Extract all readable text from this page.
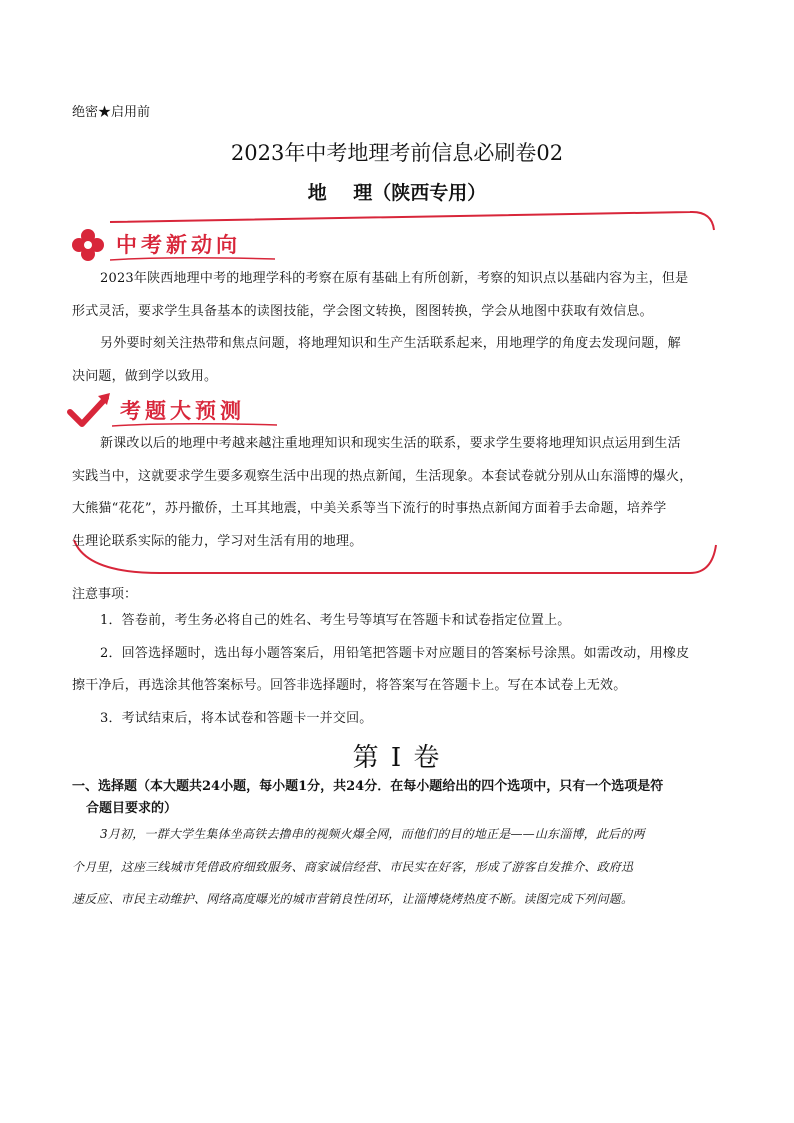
绝密★启用前
2023年中考地理考前信息必刷卷02
地    理（陕西专用）
中考新动向

2023年陕西地理中考的地理学科的考察在原有基础上有所创新，考察的知识点以基础内容为主，但是

形式灵活，要求学生具备基本的读图技能，学会图文转换，图图转换，学会从地图中获取有效信息。

另外要时刻关注热带和焦点问题，将地理知识和生产生活联系起来，用地理学的角度去发现问题，解

决问题，做到学以致用。

考题大预测

新课改以后的地理中考越来越注重地理知识和现实生活的联系，要求学生要将地理知识点运用到生活

实践当中，这就要求学生要多观察生活中出现的热点新闻，生活现象。本套试卷就分别从山东淄博的爆火，

大熊猫“花花”，苏丹撤侨，土耳其地震，中美关系等当下流行的时事热点新闻方面着手去命题，培养学

生理论联系实际的能力，学习对生活有用的地理。

注意事项：

1．答卷前，考生务必将自己的姓名、考生号等填写在答题卡和试卷指定位置上。

2．回答选择题时，选出每小题答案后，用铅笔把答题卡对应题目的答案标号涂黑。如需改动，用橡皮

擦干净后，再选涂其他答案标号。回答非选择题时，将答案写在答题卡上。写在本试卷上无效。

3．考试结束后，将本试卷和答题卡一并交回。

第 I 卷
一、选择题（本大题共24小题，每小题1分，共24分．在每小题给出的四个选项中，只有一个选项是符
合题目要求的）

3月初，一群大学生集体坐高铁去撸串的视频火爆全网，而他们的目的地正是——山东淄博，此后的两

个月里，这座三线城市凭借政府细致服务、商家诚信经营、市民实在好客，形成了游客自发推介、政府迅

速反应、市民主动维护、网络高度曝光的城市营销良性闭环，让淄博烧烤热度不断。读图完成下列问题。
